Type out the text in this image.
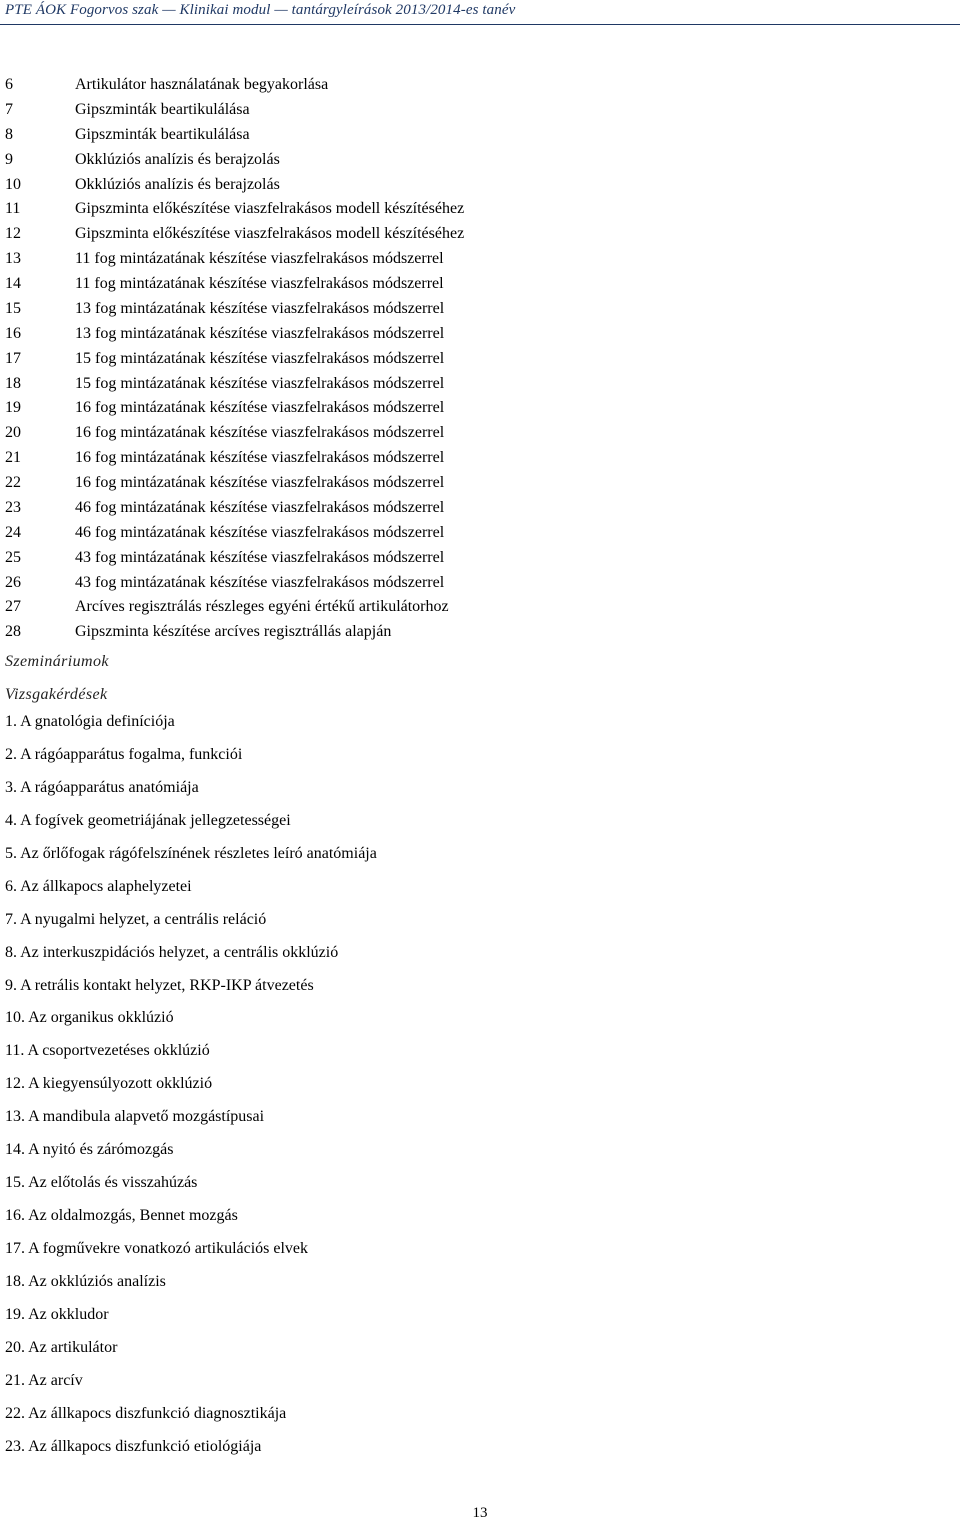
PTE ÁOK Fogorvos szak — Klinikai modul — tantárgyleírások 2013/2014-es tanév
6	Artikulátor használatának begyakorlása
7	Gipszminták beartikulálása
8	Gipszminták beartikulálása
9	Okklúziós analízis és berajzolás
10	Okklúziós analízis és berajzolás
11	Gipszminta előkészítése viaszfelrakásos modell készítéséhez
12	Gipszminta előkészítése viaszfelrakásos modell készítéséhez
13	11 fog mintázatának készítése viaszfelrakásos módszerrel
14	11 fog mintázatának készítése viaszfelrakásos módszerrel
15	13 fog mintázatának készítése viaszfelrakásos módszerrel
16	13 fog mintázatának készítése viaszfelrakásos módszerrel
17	15 fog mintázatának készítése viaszfelrakásos módszerrel
18	15 fog mintázatának készítése viaszfelrakásos módszerrel
19	16 fog mintázatának készítése viaszfelrakásos módszerrel
20	16 fog mintázatának készítése viaszfelrakásos módszerrel
21	16 fog mintázatának készítése viaszfelrakásos módszerrel
22	16 fog mintázatának készítése viaszfelrakásos módszerrel
23	46 fog mintázatának készítése viaszfelrakásos módszerrel
24	46 fog mintázatának készítése viaszfelrakásos módszerrel
25	43 fog mintázatának készítése viaszfelrakásos módszerrel
26	43 fog mintázatának készítése viaszfelrakásos módszerrel
27	Arcíves regisztrálás részleges egyéni értékű artikulátorhoz
28	Gipszminta készítése arcíves regisztrállás alapján
Szemináriumok
Vizsgakérdések
1. A gnatológia definíciója
2. A rágóapparátus fogalma, funkciói
3. A rágóapparátus anatómiája
4. A fogívek geometriájának jellegzetességei
5. Az őrlőfogak rágófelszínének részletes leíró anatómiája
6. Az állkapocs alaphelyzetei
7. A nyugalmi helyzet, a centrális reláció
8. Az interkuszpidációs helyzet, a centrális okklúzió
9. A retrális kontakt helyzet, RKP-IKP átvezetés
10. Az organikus okklúzió
11. A csoportvezetéses okklúzió
12. A kiegyensúlyozott okklúzió
13. A mandibula alapvető mozgástípusai
14. A nyitó és zárómozgás
15. Az előtolás és visszahúzás
16. Az oldalmozgás, Bennet mozgás
17. A fogművekre vonatkozó artikulációs elvek
18. Az okklúziós analízis
19. Az okkludor
20. Az artikulátor
21. Az arcív
22. Az állkapocs diszfunkció diagnosztikája
23. Az állkapocs diszfunkció etiológiája
13
